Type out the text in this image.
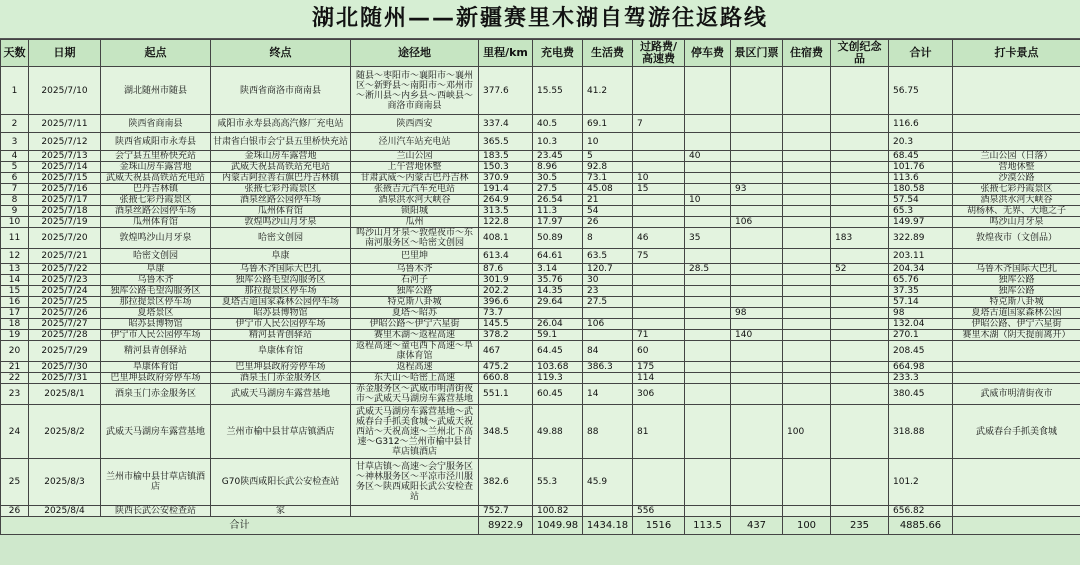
湖北随州——新疆赛里木湖自驾游往返路线
天数	日期	起点	终点	途径地	里程/km	充电费	生活费	过路费/高速费	停车费	景区门票	住宿费	文创纪念品	合计	打卡景点
1	2025/7/10	湖北随州市随县	陕西省商洛市商南县	随县～枣阳市～襄阳市～襄州区～新野县～南阳市～邓州市～淅川县～内乡县～西峡县～商洛市商南县	377.6	15.55	41.2						56.75	
2	2025/7/11	陕西省商南县	咸阳市永寿县高高汽修厂充电站	陕西西安	337.4	40.5	69.1	7					116.6	
3	2025/7/12	陕西省咸阳市永寿县	甘肃省白银市会宁县五里桥快充站	泾川汽车站充电站	365.5	10.3	10						20.3	
4	2025/7/13	会宁县五里桥快充站	金珠山房车露营地	兰山公园	183.5	23.45	5		40				68.45	兰山公园（日落）
5	2025/7/14	金珠山房车露营地	武威天祝县高铁站充电站	上午营地休整	150.3	8.96	92.8						101.76	营地休整
6	2025/7/15	武威天祝县高铁站充电站	内蒙古阿拉善右旗巴丹吉林镇	甘肃武威～内蒙古巴丹吉林	370.9	30.5	73.1	10					113.6	沙漠公路
7	2025/7/16	巴丹吉林镇	张掖七彩丹霞景区	张掖吉元汽车充电站	191.4	27.5	45.08	15		93			180.58	张掖七彩丹霞景区
8	2025/7/17	张掖七彩丹霞景区	酒泉丝路公园停车场	酒泉洪水河大峡谷	264.9	26.54	21		10				57.54	酒泉洪水河大峡谷
9	2025/7/18	酒泉丝路公园停车场	瓜州体育馆	锁阳城	313.5	11.3	54						65.3	胡杨林、无界、大地之子
10	2025/7/19	瓜州体育馆	敦煌鸣沙山月牙泉	瓜州	122.8	17.97	26			106			149.97	鸣沙山月牙泉
11	2025/7/20	敦煌鸣沙山月牙泉	哈密文创园	鸣沙山月牙泉～敦煌夜市～东南河服务区～哈密文创园	408.1	50.89	8	46	35			183	322.89	敦煌夜市（文创品）
12	2025/7/21	哈密文创园	阜康	巴里坤	613.4	64.61	63.5	75					203.11	
13	2025/7/22	阜康	乌鲁木齐国际大巴扎	乌鲁木齐	87.6	3.14	120.7		28.5			52	204.34	乌鲁木齐国际大巴扎
14	2025/7/23	乌鲁木齐	独库公路毛望沟服务区	石河子	301.9	35.76	30						65.76	独库公路
15	2025/7/24	独库公路毛望沟服务区	那拉提景区停车场	独库公路	202.2	14.35	23						37.35	独库公路
16	2025/7/25	那拉提景区停车场	夏塔古道国家森林公园停车场	特克斯八卦城	396.6	29.64	27.5						57.14	特克斯八卦城
17	2025/7/26	夏塔景区	昭苏县博物馆	夏塔～昭苏	73.7					98			98	夏塔古道国家森林公园
18	2025/7/27	昭苏县博物馆	伊宁市人民公园停车场	伊昭公路～伊宁六星街	145.5	26.04	106						132.04	伊昭公路、伊宁六星街
19	2025/7/28	伊宁市人民公园停车场	精河县青创驿站	赛里木湖～返程高速	378.2	59.1		71		140			270.1	赛里木湖（阴天提前离开）
20	2025/7/29	精河县青创驿站	阜康体育馆	返程高速～童屯西下高速～阜康体育馆	467	64.45	84	60					208.45	
21	2025/7/30	阜康体育馆	巴里坤县政府旁停车场	返程高速	475.2	103.68	386.3	175					664.98	
22	2025/7/31	巴里坤县政府旁停车场	酒泉玉门赤金服务区	东天山～哈密上高速	660.8	119.3		114					233.3	
23	2025/8/1	酒泉玉门赤金服务区	武威天马湖房车露营基地	赤金服务区～武威市明清街夜市～武威天马湖房车露营基地	551.1	60.45	14	306					380.45	武威市明清街夜市
24	2025/8/2	武威天马湖房车露营基地	兰州市榆中县甘草店镇酒店	武威天马湖房车露营基地～武威春台手抓美食城～武威天祝西站～天祝高速～兰州北下高速～G312～兰州市榆中县甘草店镇酒店	348.5	49.88	88	81			100		318.88	武威春台手抓美食城
25	2025/8/3	兰州市榆中县甘草店镇酒店	G70陕西咸阳长武公安检查站	甘草店镇～高速～会宁服务区～神林服务区～平凉市泾川服务区～陕西咸阳长武公安检查站	382.6	55.3	45.9						101.2	
26	2025/8/4	陕西长武公安检查站	家		752.7	100.82		556					656.82	
合计					8922.9	1049.98	1434.18	1516	113.5	437	100	235	4885.66	
